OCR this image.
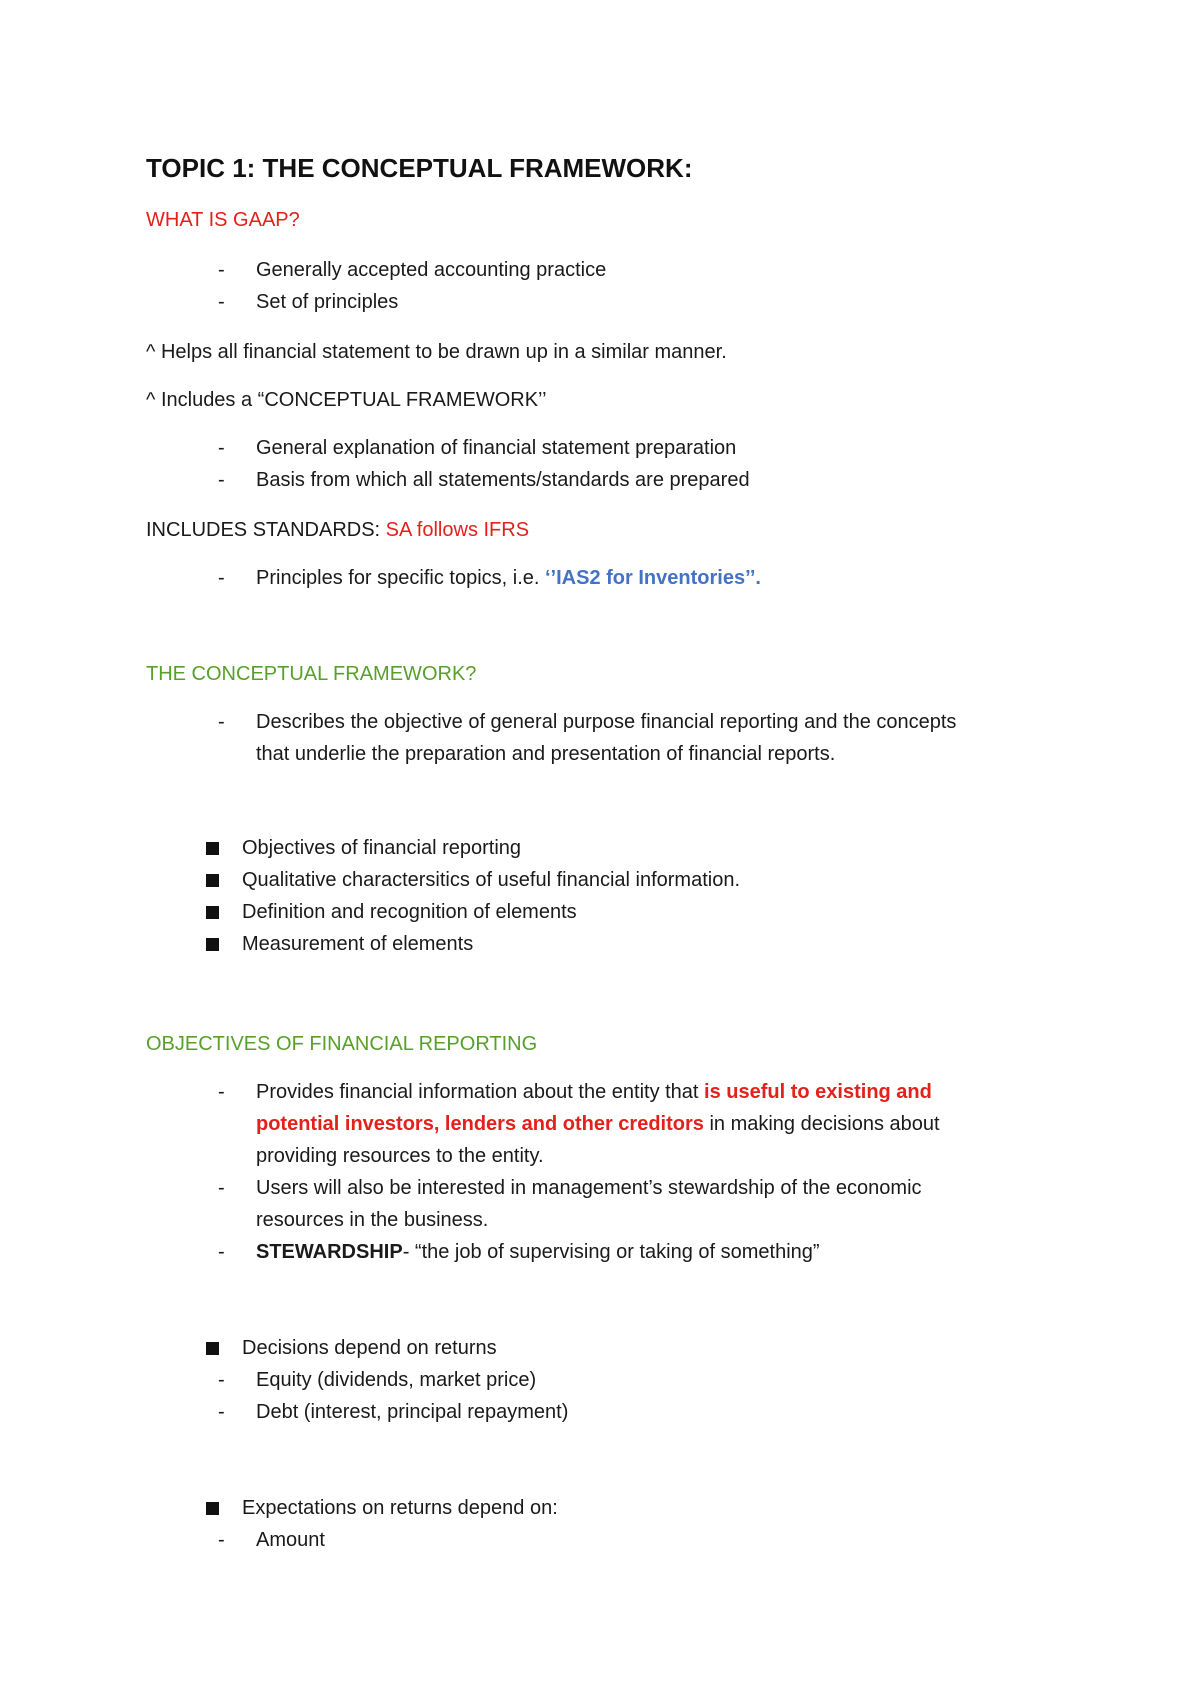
TOPIC 1: THE CONCEPTUAL FRAMEWORK:
WHAT IS GAAP?
- Generally accepted accounting practice
- Set of principles
^ Helps all financial statement to be drawn up in a similar manner.
^ Includes a “CONCEPTUAL FRAMEWORK’’
- General explanation of financial statement preparation
- Basis from which all statements/standards are prepared
INCLUDES STANDARDS: SA follows IFRS
- Principles for specific topics, i.e. ‘’IAS2 for Inventories’’.
THE CONCEPTUAL FRAMEWORK?
- Describes the objective of general purpose financial reporting and the concepts
that underlie the preparation and presentation of financial reports.
Objectives of financial reporting
Qualitative charactersitics of useful financial information.
Definition and recognition of elements
Measurement of elements
OBJECTIVES OF FINANCIAL REPORTING
- Provides financial information about the entity that is useful to existing and
potential investors, lenders and other creditors in making decisions about
providing resources to the entity.
- Users will also be interested in management’s stewardship of the economic
resources in the business.
- STEWARDSHIP- “the job of supervising or taking of something”
Decisions depend on returns
- Equity (dividends, market price)
- Debt (interest, principal repayment)
Expectations on returns depend on:
- Amount
